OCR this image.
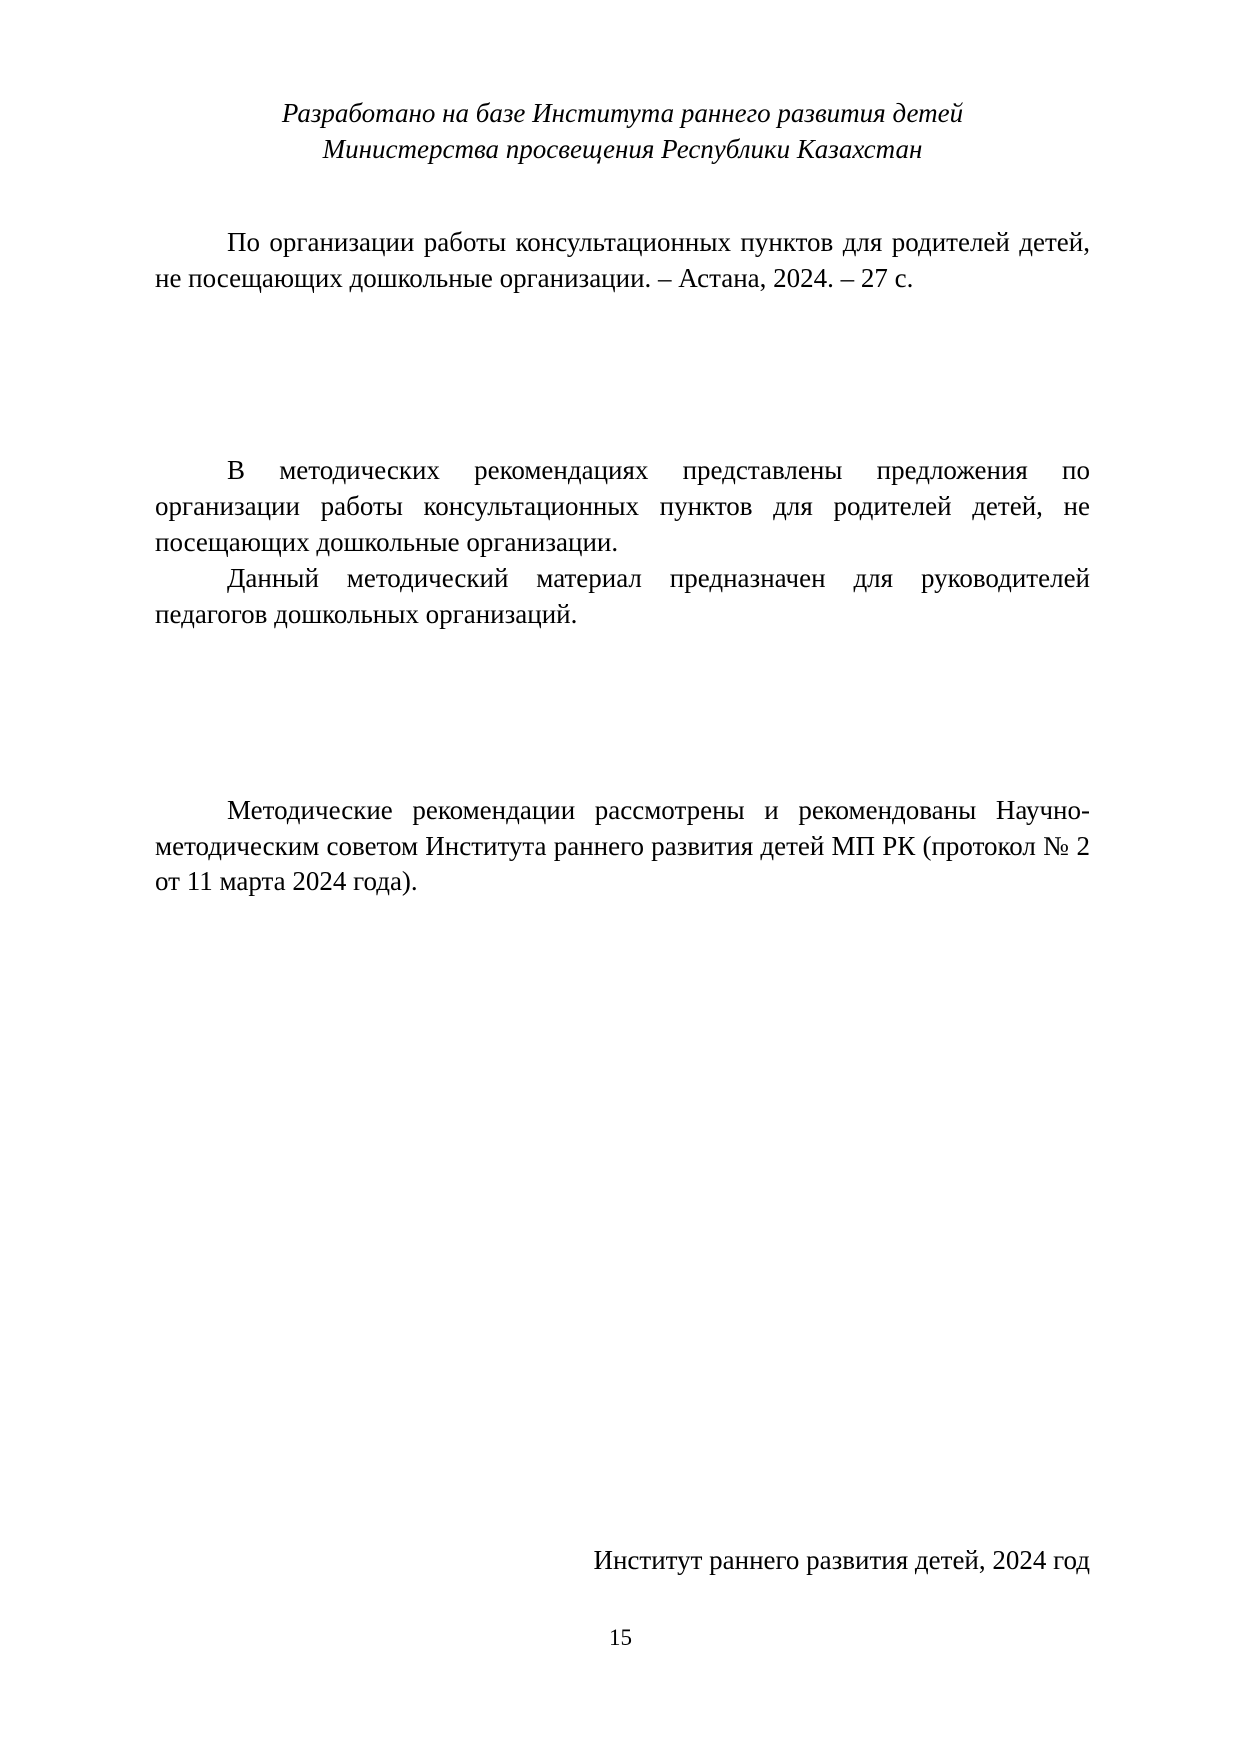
Разработано на базе Института раннего развития детей
Министерства просвещения Республики Казахстан

По организации работы консультационных пунктов для родителей детей, не посещающих дошкольные организации. – Астана, 2024. – 27 с.

В методических рекомендациях представлены предложения по организации работы консультационных пунктов для родителей детей, не посещающих дошкольные организации.

Данный методический материал предназначен для руководителей педагогов дошкольных организаций.

Методические рекомендации рассмотрены и рекомендованы Научно-методическим советом Института раннего развития детей МП РК (протокол № 2 от 11 марта 2024 года).

Институт раннего развития детей, 2024 год
15
